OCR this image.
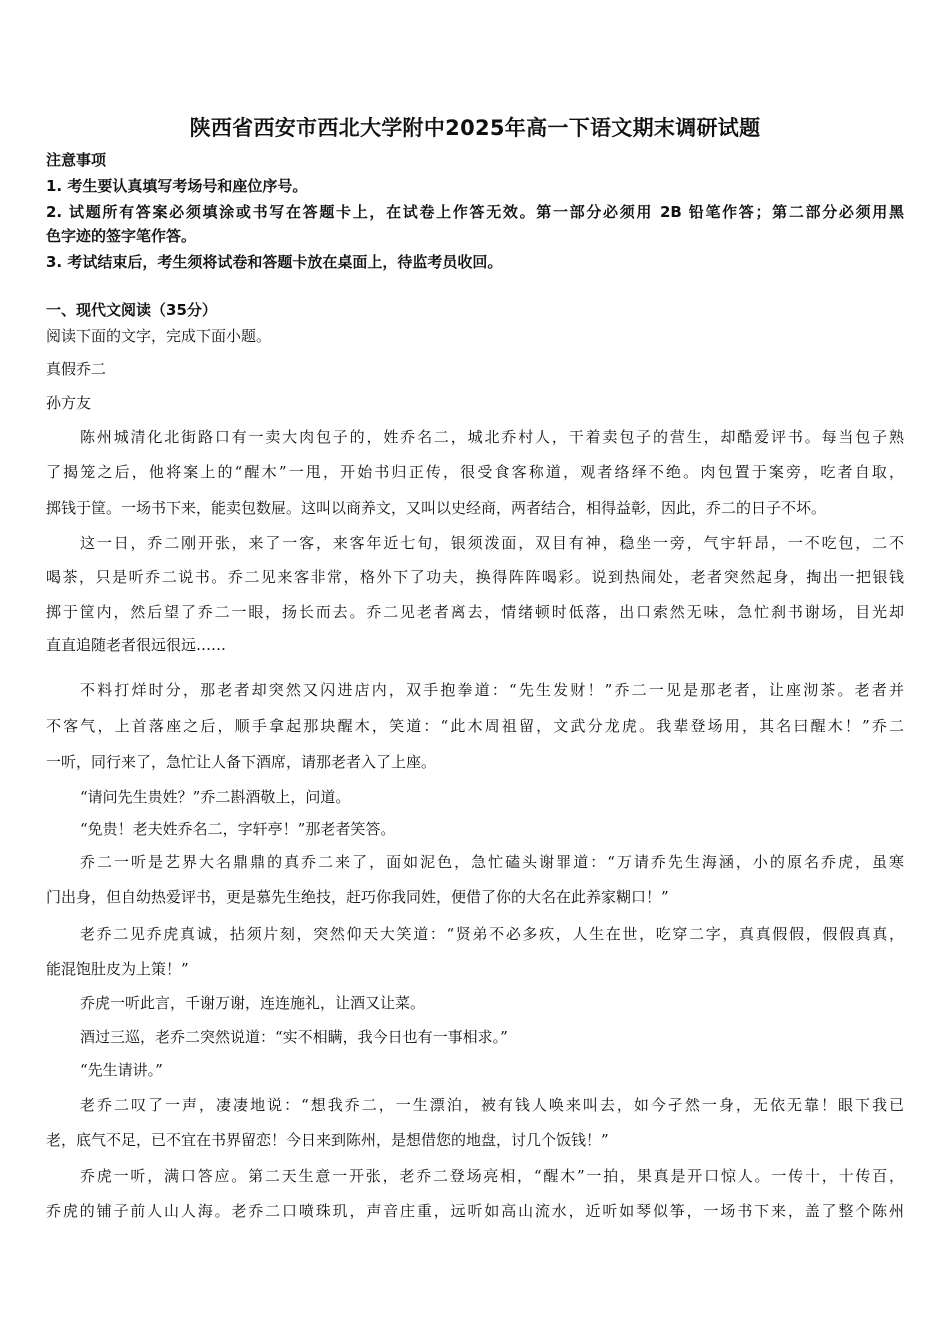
陕西省西安市西北大学附中2025年高一下语文期末调研试题
注意事项
1. 考生要认真填写考场号和座位序号。
2. 试题所有答案必须填涂或书写在答题卡上，在试卷上作答无效。第一部分必须用 2B 铅笔作答；第二部分必须用黑
色字迹的签字笔作答。
3. 考试结束后，考生须将试卷和答题卡放在桌面上，待监考员收回。
一、现代文阅读（35分）
阅读下面的文字，完成下面小题。
真假乔二
孙方友
陈州城清化北街路口有一卖大肉包子的，姓乔名二，城北乔村人，干着卖包子的营生，却酷爱评书。每当包子熟
了揭笼之后，他将案上的“醒木”一甩，开始书归正传，很受食客称道，观者络绎不绝。肉包置于案旁，吃者自取，
掷钱于筐。一场书下来，能卖包数屉。这叫以商养文，又叫以史经商，两者结合，相得益彰，因此，乔二的日子不坏。
这一日，乔二刚开张，来了一客，来客年近七旬，银须泼面，双目有神，稳坐一旁，气宇轩昂，一不吃包，二不
喝茶，只是听乔二说书。乔二见来客非常，格外下了功夫，换得阵阵喝彩。说到热闹处，老者突然起身，掏出一把银钱
掷于筐内，然后望了乔二一眼，扬长而去。乔二见老者离去，情绪顿时低落，出口索然无味，急忙刹书谢场，目光却
直直追随老者很远很远……
不料打烊时分，那老者却突然又闪进店内，双手抱拳道：“先生发财！”乔二一见是那老者，让座沏茶。老者并
不客气，上首落座之后，顺手拿起那块醒木，笑道：“此木周祖留，文武分龙虎。我辈登场用，其名曰醒木！”乔二
一听，同行来了，急忙让人备下酒席，请那老者入了上座。
“请问先生贵姓？”乔二斟酒敬上，问道。
“免贵！老夫姓乔名二，字轩亭！”那老者笑答。
乔二一听是艺界大名鼎鼎的真乔二来了，面如泥色，急忙磕头谢罪道：“万请乔先生海涵，小的原名乔虎，虽寒
门出身，但自幼热爱评书，更是慕先生绝技，赶巧你我同姓，便借了你的大名在此养家糊口！”
老乔二见乔虎真诚，拈须片刻，突然仰天大笑道：“贤弟不必多疚，人生在世，吃穿二字，真真假假，假假真真，
能混饱肚皮为上策！”
乔虎一听此言，千谢万谢，连连施礼，让酒又让菜。
酒过三巡，老乔二突然说道：“实不相瞒，我今日也有一事相求。”
“先生请讲。”
老乔二叹了一声，凄凄地说：“想我乔二，一生漂泊，被有钱人唤来叫去，如今孑然一身，无依无靠！眼下我已
老，底气不足，已不宜在书界留恋！今日来到陈州，是想借您的地盘，讨几个饭钱！”
乔虎一听，满口答应。第二天生意一开张，老乔二登场亮相，“醒木”一拍，果真是开口惊人。一传十，十传百，
乔虎的铺子前人山人海。老乔二口喷珠玑，声音庄重，远听如高山流水，近听如琴似筝，一场书下来，盖了整个陈州
